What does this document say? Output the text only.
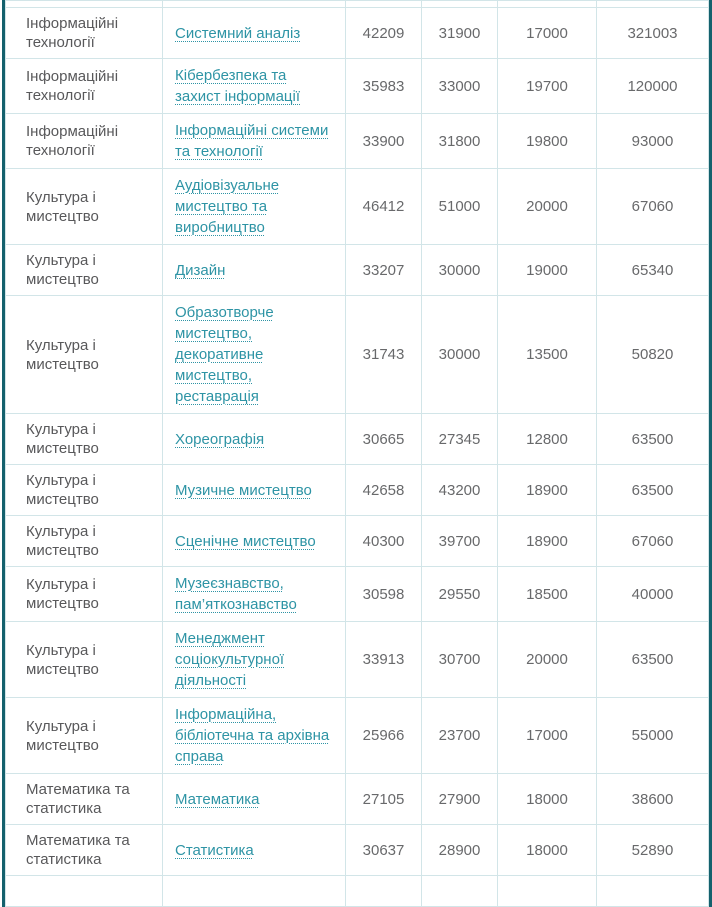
Інформаційні технології	Системний аналіз	42209	31900	17000	321003
Інформаційні технології	Кібербезпека та захист інформації	35983	33000	19700	120000
Інформаційні технології	Інформаційні системи та технології	33900	31800	19800	93000
Культура і мистецтво	Аудіовізуальне мистецтво та виробництво	46412	51000	20000	67060
Культура і мистецтво	Дизайн	33207	30000	19000	65340
Культура і мистецтво	Образотворче мистецтво, декоративне мистецтво, реставрація	31743	30000	13500	50820
Культура і мистецтво	Хореографія	30665	27345	12800	63500
Культура і мистецтво	Музичне мистецтво	42658	43200	18900	63500
Культура і мистецтво	Сценічне мистецтво	40300	39700	18900	67060
Культура і мистецтво	Музеєзнавство, пам’яткознавство	30598	29550	18500	40000
Культура і мистецтво	Менеджмент соціокультурної діяльності	33913	30700	20000	63500
Культура і мистецтво	Інформаційна, бібліотечна та архівна справа	25966	23700	17000	55000
Математика та статистика	Математика	27105	27900	18000	38600
Математика та статистика	Статистика	30637	28900	18000	52890
